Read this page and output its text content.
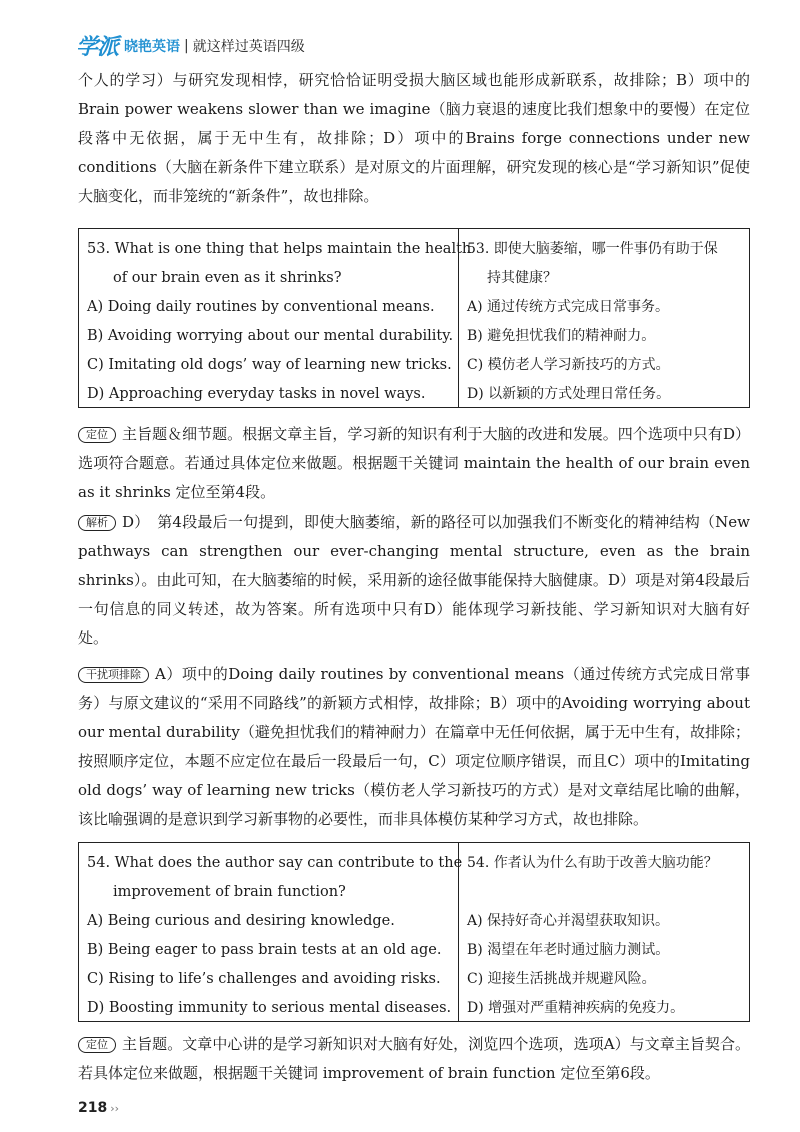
学派 晓艳英语 | 就这样过英语四级

个人的学习）与研究发现相悖，研究恰恰证明受损大脑区域也能形成新联系，故排除；B）项中的Brain power weakens slower than we imagine（脑力衰退的速度比我们想象中的要慢）在定位段落中无依据，属于无中生有，故排除；D）项中的Brains forge connections under new conditions（大脑在新条件下建立联系）是对原文的片面理解，研究发现的核心是“学习新知识”促使大脑变化，而非笼统的“新条件”，故也排除。

53. What is one thing that helps maintain the health
of our brain even as it shrinks?
A) Doing daily routines by conventional means.
B) Avoiding worrying about our mental durability.
C) Imitating old dogs’ way of learning new tricks.
D) Approaching everyday tasks in novel ways.
53. 即使大脑萎缩，哪一件事仍有助于保
持其健康？
A) 通过传统方式完成日常事务。
B) 避免担忧我们的精神耐力。
C) 模仿老人学习新技巧的方式。
D) 以新颖的方式处理日常任务。

定位 主旨题＆细节题。根据文章主旨，学习新的知识有利于大脑的改进和发展。四个选项中只有D）选项符合题意。若通过具体定位来做题。根据题干关键词 maintain the health of our brain even as it shrinks 定位至第4段。

解析 D）　第4段最后一句提到，即使大脑萎缩，新的路径可以加强我们不断变化的精神结构（New pathways can strengthen our ever-changing mental structure, even as the brain shrinks）。由此可知，在大脑萎缩的时候，采用新的途径做事能保持大脑健康。D）项是对第4段最后一句信息的同义转述，故为答案。所有选项中只有D）能体现学习新技能、学习新知识对大脑有好处。

干扰项排除 A）项中的Doing daily routines by conventional means（通过传统方式完成日常事务）与原文建议的“采用不同路线”的新颖方式相悖，故排除；B）项中的Avoiding worrying about our mental durability（避免担忧我们的精神耐力）在篇章中无任何依据，属于无中生有，故排除；按照顺序定位，本题不应定位在最后一段最后一句，C）项定位顺序错误，而且C）项中的Imitating old dogs’ way of learning new tricks（模仿老人学习新技巧的方式）是对文章结尾比喻的曲解，该比喻强调的是意识到学习新事物的必要性，而非具体模仿某种学习方式，故也排除。

54. What does the author say can contribute to the
improvement of brain function?
A) Being curious and desiring knowledge.
B) Being eager to pass brain tests at an old age.
C) Rising to life’s challenges and avoiding risks.
D) Boosting immunity to serious mental diseases.
54. 作者认为什么有助于改善大脑功能？
A) 保持好奇心并渴望获取知识。
B) 渴望在年老时通过脑力测试。
C) 迎接生活挑战并规避风险。
D) 增强对严重精神疾病的免疫力。

定位 主旨题。文章中心讲的是学习新知识对大脑有好处，浏览四个选项，选项A）与文章主旨契合。若具体定位来做题，根据题干关键词 improvement of brain function 定位至第6段。

218 ››
